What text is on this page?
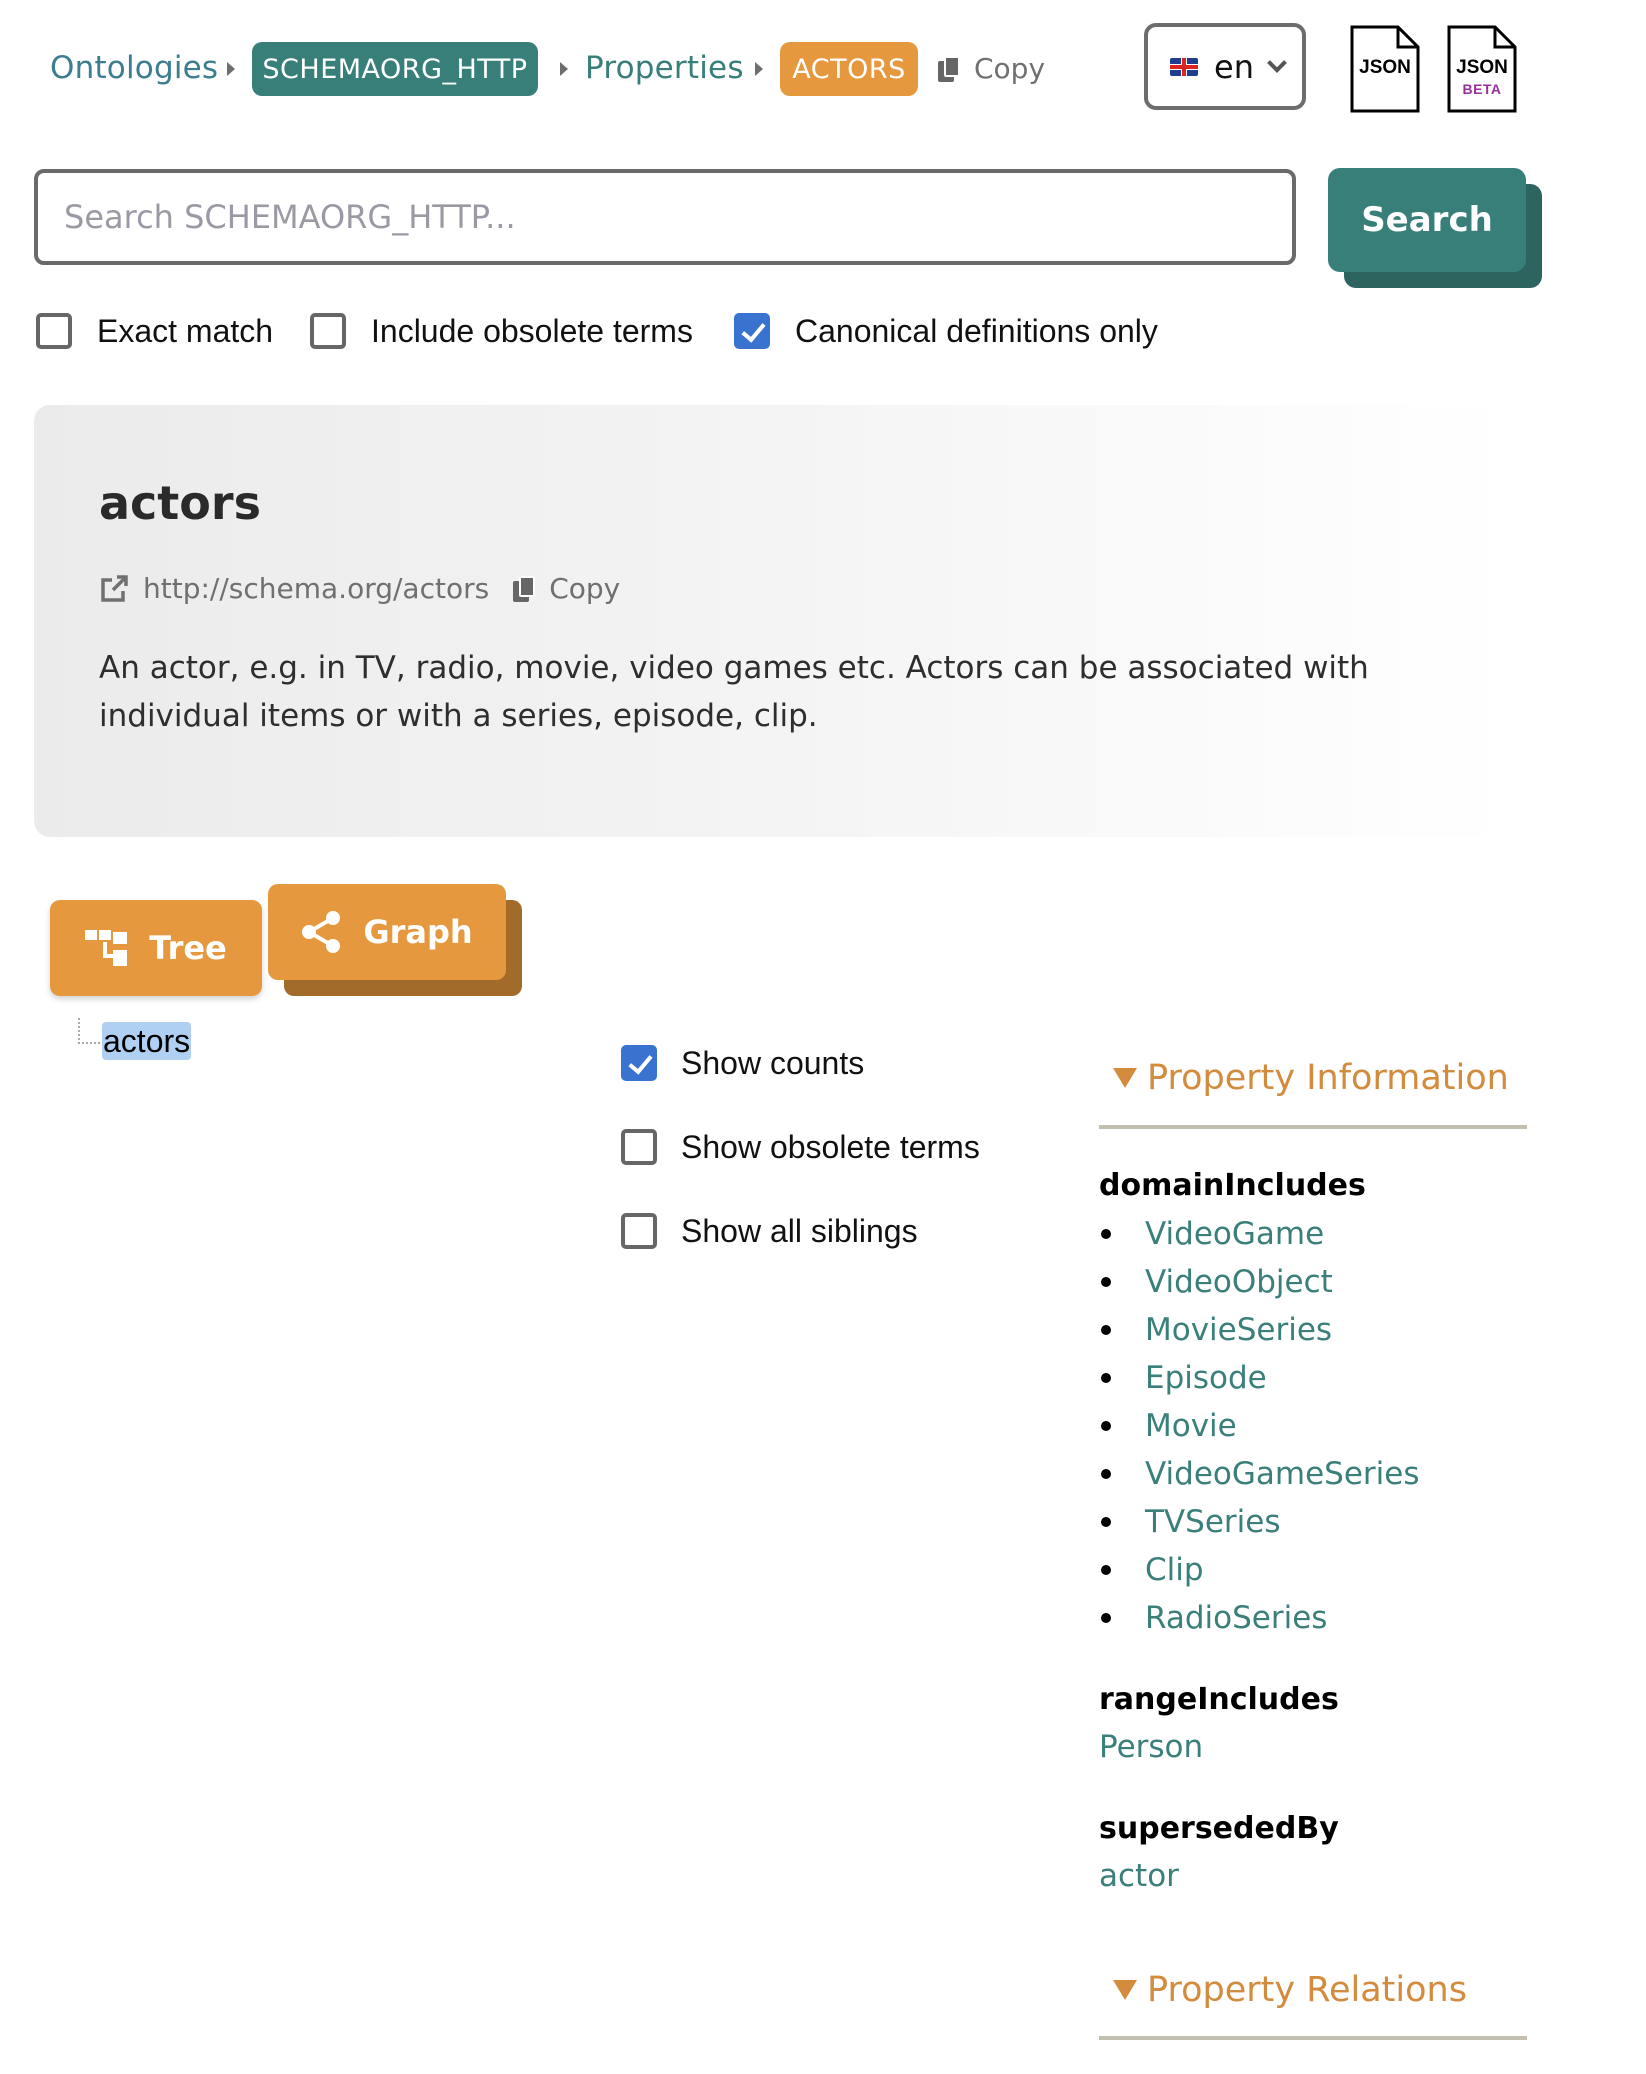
Ontologies	SCHEMAORG_HTTP	Properties	ACTORS	Copy	en	JSON	JSON
BETA
Search SCHEMAORG_HTTP...
Search
Exact match	Include obsolete terms	Canonical definitions only
actors
http://schema.org/actors Copy

An actor, e.g. in TV, radio, movie, video games etc. Actors can be associated with individual items or with a series, episode, clip.

Tree	Graph
actors
Show counts
Show obsolete terms
Show all siblings
Property Information
domainIncludes
VideoGame
VideoObject
MovieSeries
Episode
Movie
VideoGameSeries
TVSeries
Clip
RadioSeries
rangeIncludes
Person
supersededBy
actor
Property Relations
